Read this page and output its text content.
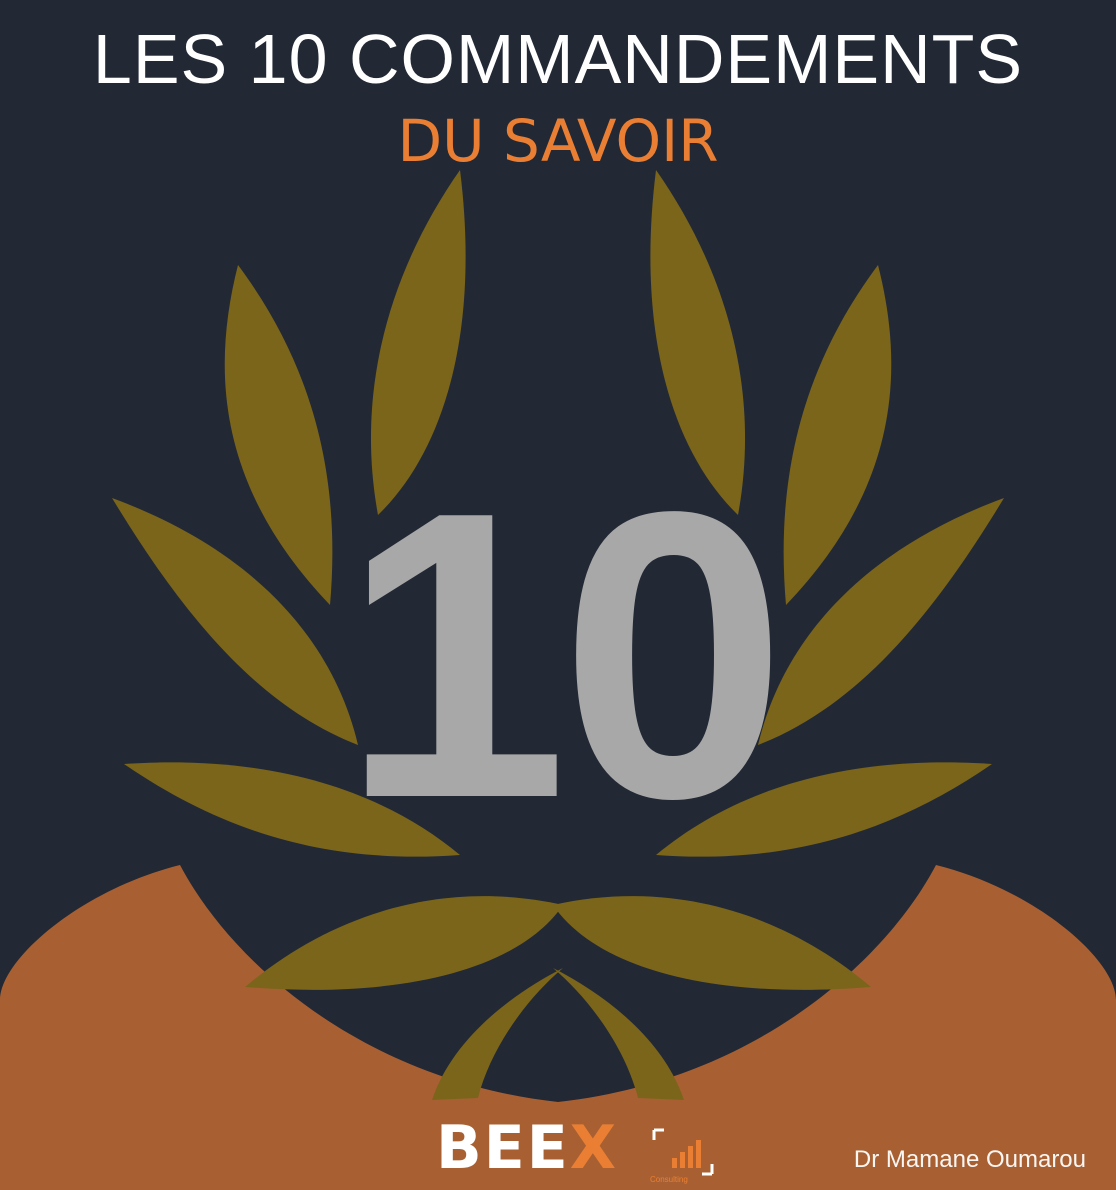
LES 10 COMMANDEMENTS
DU SAVOIR
10
BEEX	Consulting
Dr Mamane Oumarou
